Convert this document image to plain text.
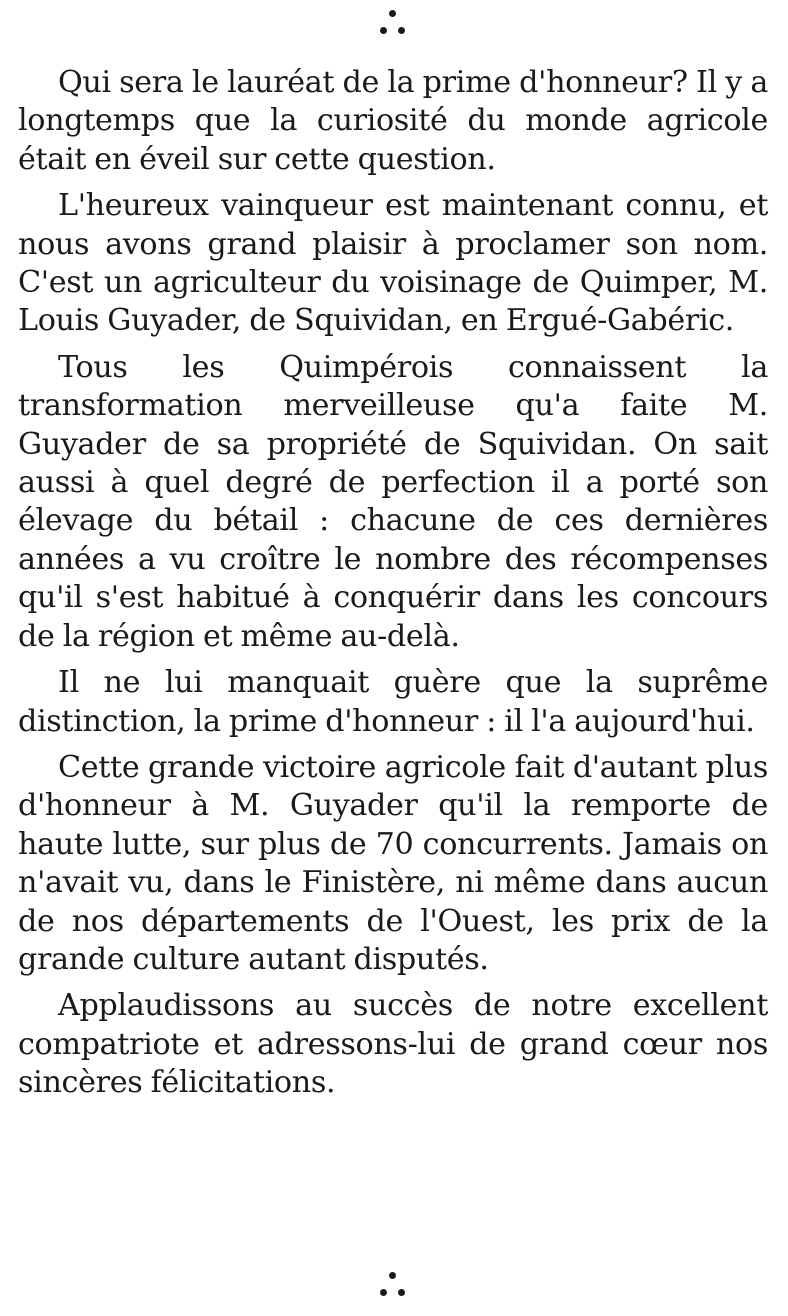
Qui sera le lauréat de la prime d'honneur? Il y a longtemps que la curiosité du monde agricole était en éveil sur cette question.

L'heureux vainqueur est maintenant connu, et nous avons grand plaisir à proclamer son nom. C'est un agriculteur du voisinage de Quimper, M. Louis Guyader, de Squividan, en Ergué-Gabéric.

Tous les Quimpérois connaissent la transformation merveilleuse qu'a faite M. Guyader de sa propriété de Squividan. On sait aussi à quel degré de perfection il a porté son élevage du bétail : chacune de ces dernières années a vu croître le nombre des récompenses qu'il s'est habitué à conquérir dans les concours de la région et même au-delà.

Il ne lui manquait guère que la suprême distinction, la prime d'honneur : il l'a aujourd'hui.

Cette grande victoire agricole fait d'autant plus d'honneur à M. Guyader qu'il la remporte de haute lutte, sur plus de 70 concurrents. Jamais on n'avait vu, dans le Finistère, ni même dans aucun de nos départements de l'Ouest, les prix de la grande culture autant disputés.

Applaudissons au succès de notre excellent compatriote et adressons-lui de grand cœur nos sincères félicitations.
